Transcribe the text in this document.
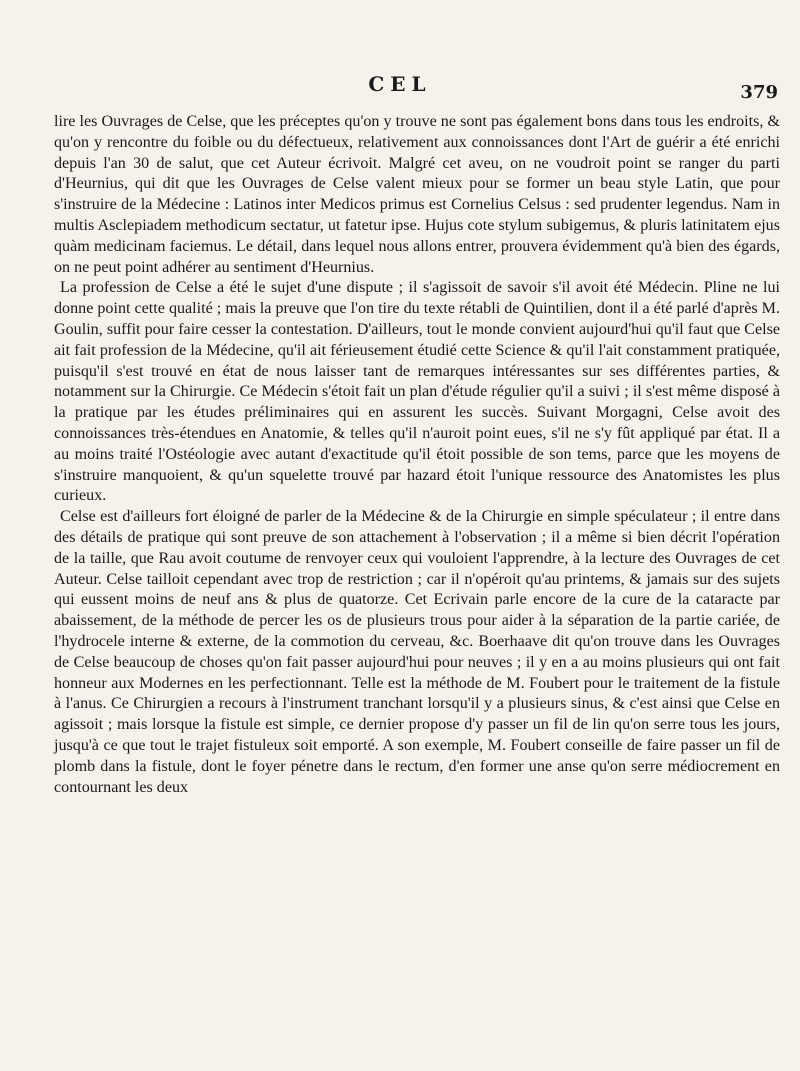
CEL	379

lire les Ouvrages de Celse, que les préceptes qu'on y trouve ne sont pas également bons dans tous les endroits, & qu'on y rencontre du foible ou du défectueux, relativement aux connoissances dont l'Art de guérir a été enrichi depuis l'an 30 de salut, que cet Auteur écrivoit. Malgré cet aveu, on ne voudroit point se ranger du parti d'Heurnius, qui dit que les Ouvrages de Celse valent mieux pour se former un beau style Latin, que pour s'instruire de la Médecine : Latinos inter Medicos primus est Cornelius Celsus : sed prudenter legendus. Nam in multis Asclepiadem methodicum sectatur, ut fatetur ipse. Hujus cote stylum subigemus, & pluris latinitatem ejus quàm medicinam faciemus. Le détail, dans lequel nous allons entrer, prouvera évidemment qu'à bien des égards, on ne peut point adhérer au sentiment d'Heurnius.

La profession de Celse a été le sujet d'une dispute ; il s'agissoit de savoir s'il avoit été Médecin. Pline ne lui donne point cette qualité ; mais la preuve que l'on tire du texte rétabli de Quintilien, dont il a été parlé d'après M. Goulin, suffit pour faire cesser la contestation. D'ailleurs, tout le monde convient aujourd'hui qu'il faut que Celse ait fait profession de la Médecine, qu'il ait férieusement étudié cette Science & qu'il l'ait constamment pratiquée, puisqu'il s'est trouvé en état de nous laisser tant de remarques intéressantes sur ses différentes parties, & notamment sur la Chirurgie. Ce Médecin s'étoit fait un plan d'étude régulier qu'il a suivi ; il s'est même disposé à la pratique par les études préliminaires qui en assurent les succès. Suivant Morgagni, Celse avoit des connoissances très-étendues en Anatomie, & telles qu'il n'auroit point eues, s'il ne s'y fût appliqué par état. Il a au moins traité l'Ostéologie avec autant d'exactitude qu'il étoit possible de son tems, parce que les moyens de s'instruire manquoient, & qu'un squelette trouvé par hazard étoit l'unique ressource des Anatomistes les plus curieux.

Celse est d'ailleurs fort éloigné de parler de la Médecine & de la Chirurgie en simple spéculateur ; il entre dans des détails de pratique qui sont preuve de son attachement à l'observation ; il a même si bien décrit l'opération de la taille, que Rau avoit coutume de renvoyer ceux qui vouloient l'apprendre, à la lecture des Ouvrages de cet Auteur. Celse tailloit cependant avec trop de restriction ; car il n'opéroit qu'au printems, & jamais sur des sujets qui eussent moins de neuf ans & plus de quatorze. Cet Ecrivain parle encore de la cure de la cataracte par abaissement, de la méthode de percer les os de plusieurs trous pour aider à la séparation de la partie cariée, de l'hydrocele interne & externe, de la commotion du cerveau, &c. Boerhaave dit qu'on trouve dans les Ouvrages de Celse beaucoup de choses qu'on fait passer aujourd'hui pour neuves ; il y en a au moins plusieurs qui ont fait honneur aux Modernes en les perfectionnant. Telle est la méthode de M. Foubert pour le traitement de la fistule à l'anus. Ce Chirurgien a recours à l'instrument tranchant lorsqu'il y a plusieurs sinus, & c'est ainsi que Celse en agissoit ; mais lorsque la fistule est simple, ce dernier propose d'y passer un fil de lin qu'on serre tous les jours, jusqu'à ce que tout le trajet fistuleux soit emporté. A son exemple, M. Foubert conseille de faire passer un fil de plomb dans la fistule, dont le foyer pénetre dans le rectum, d'en former une anse qu'on serre médiocrement en contournant les deux
